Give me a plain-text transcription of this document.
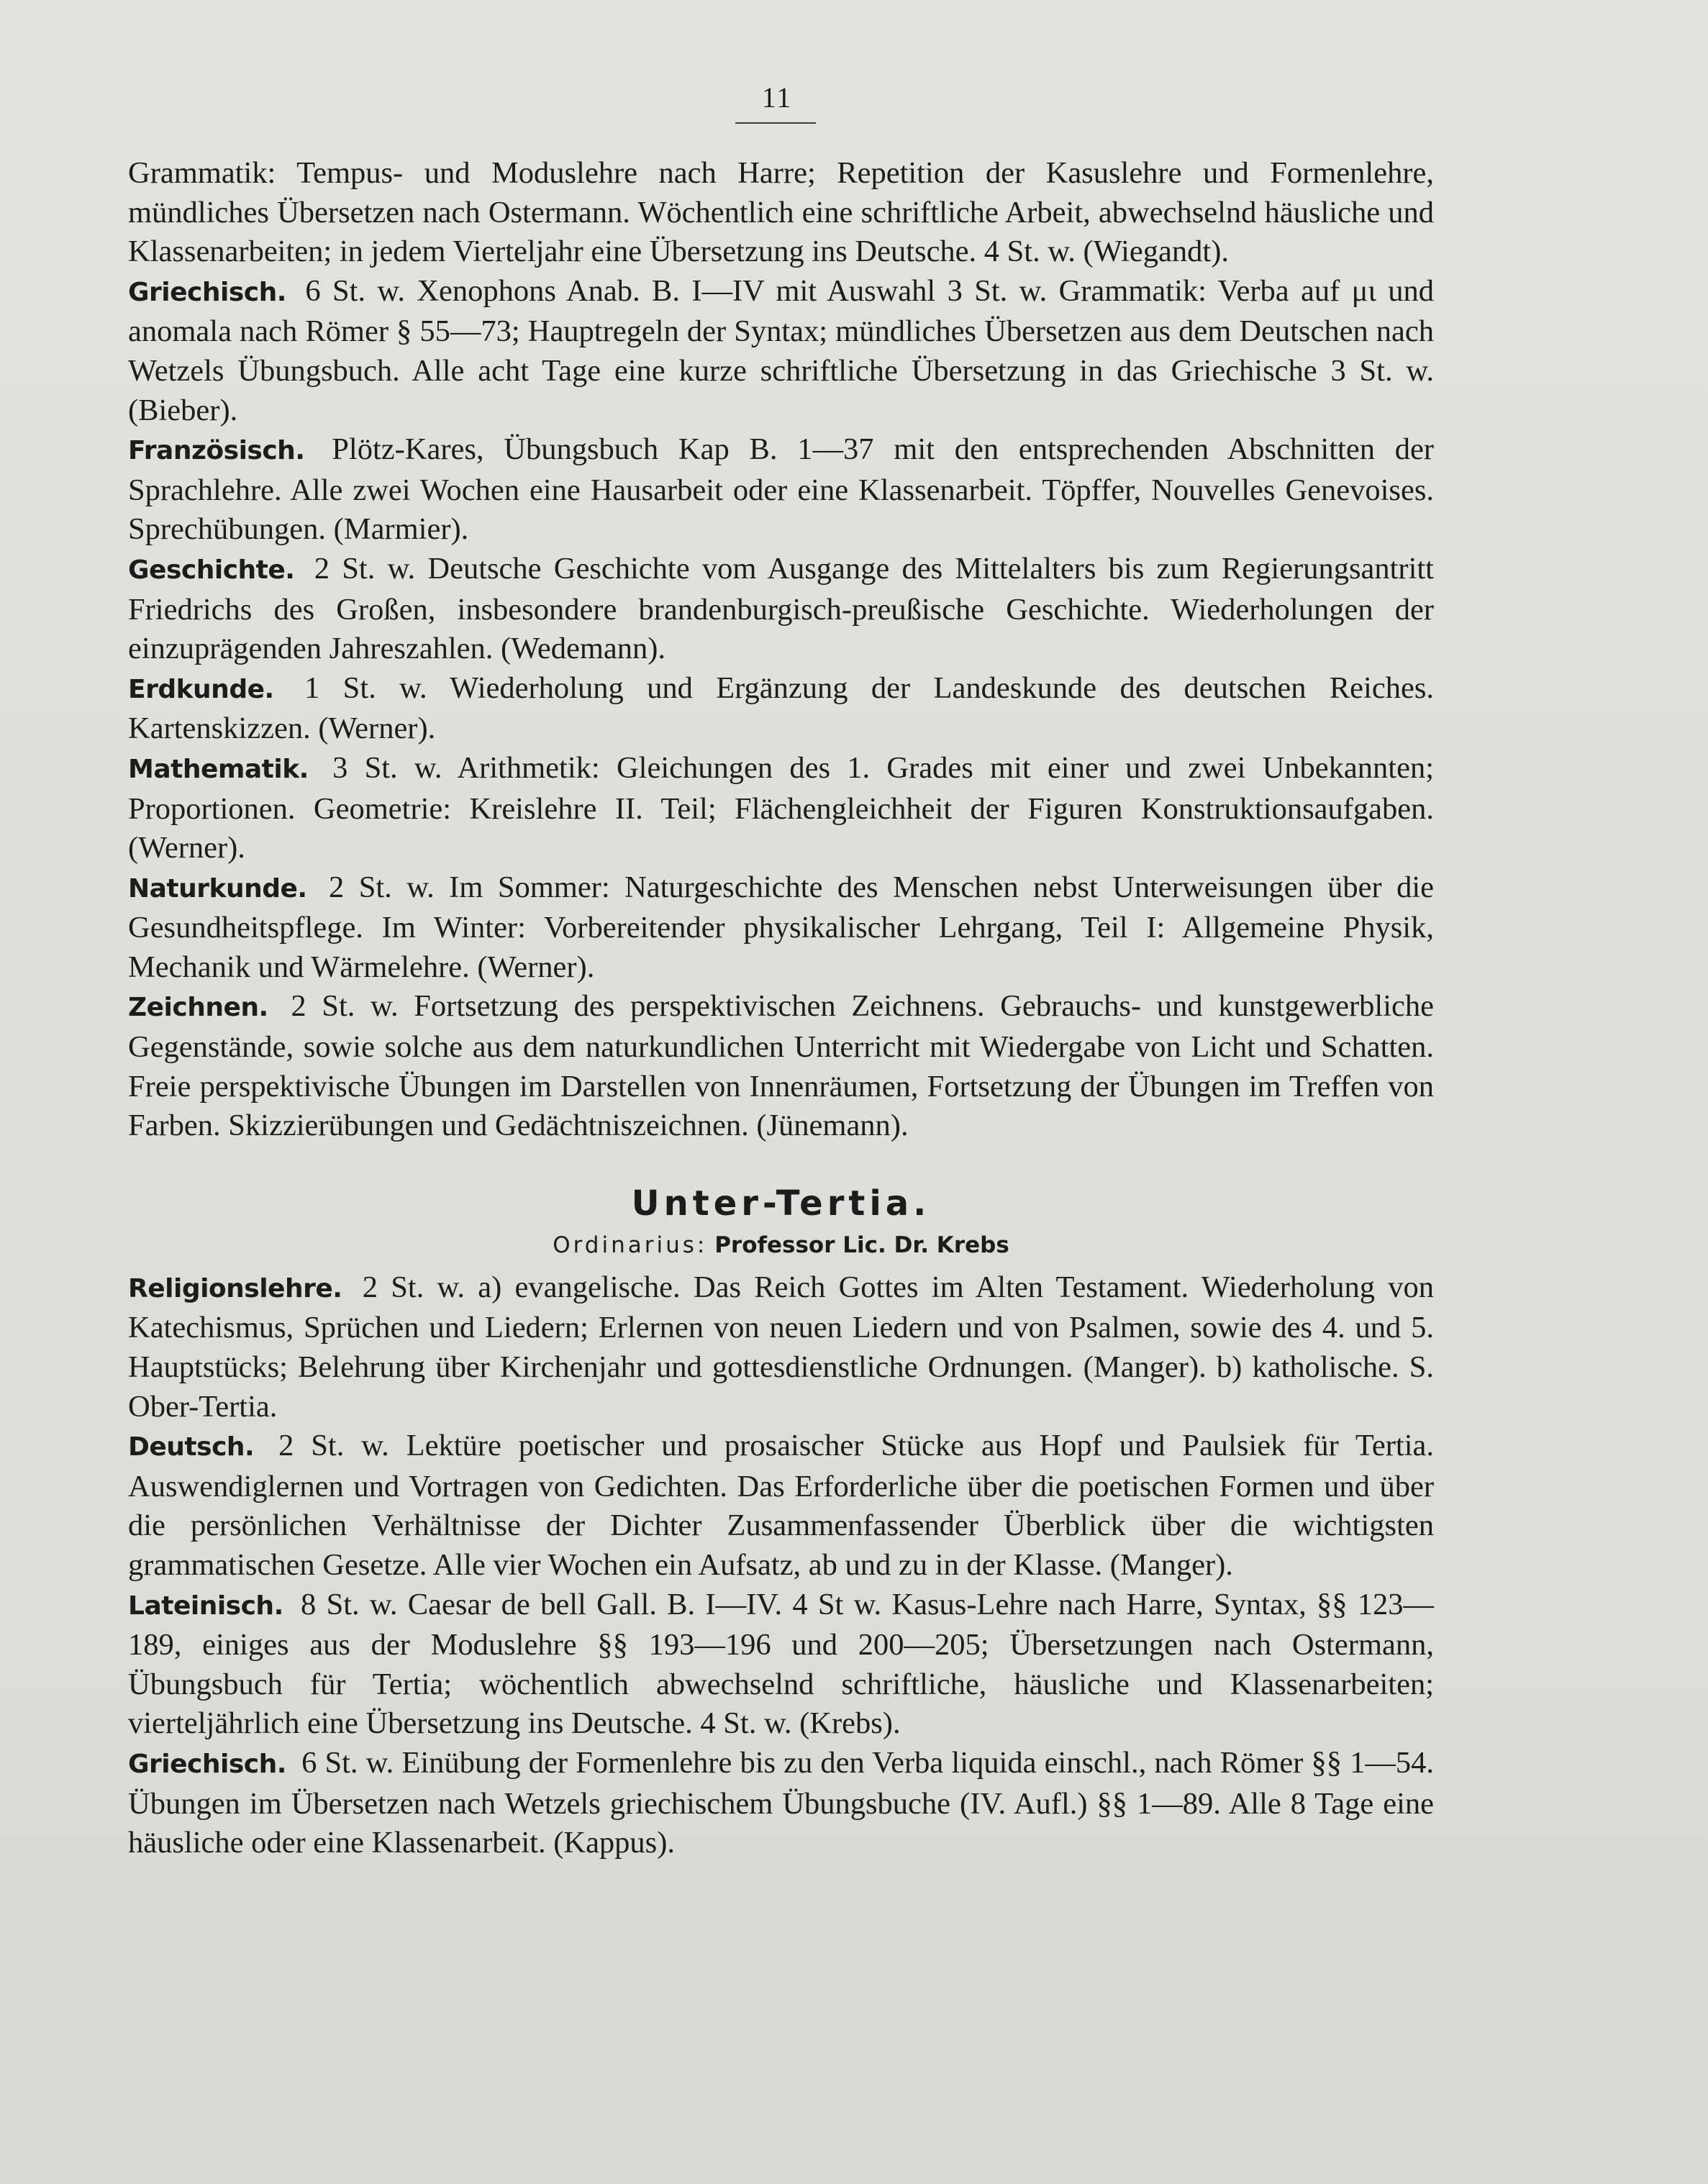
11

Grammatik: Tempus- und Moduslehre nach Harre; Repetition der Kasuslehre und Formenlehre, mündliches Übersetzen nach Ostermann. Wöchentlich eine schriftliche Arbeit, abwechselnd häusliche und Klassenarbeiten; in jedem Vierteljahr eine Übersetzung ins Deutsche. 4 St. w. (Wiegandt).

Griechisch. 6 St. w. Xenophons Anab. B. I—IV mit Auswahl 3 St. w. Grammatik: Verba auf μι und anomala nach Römer § 55—73; Hauptregeln der Syntax; mündliches Übersetzen aus dem Deutschen nach Wetzels Übungsbuch. Alle acht Tage eine kurze schriftliche Übersetzung in das Griechische 3 St. w. (Bieber).

Französisch. Plötz-Kares, Übungsbuch Kap B. 1—37 mit den entsprechenden Abschnitten der Sprachlehre. Alle zwei Wochen eine Hausarbeit oder eine Klassenarbeit. Töpffer, Nouvelles Genevoises. Sprechübungen. (Marmier).

Geschichte. 2 St. w. Deutsche Geschichte vom Ausgange des Mittelalters bis zum Regierungsantritt Friedrichs des Großen, insbesondere brandenburgisch-preußische Geschichte. Wiederholungen der einzuprägenden Jahreszahlen. (Wedemann).

Erdkunde. 1 St. w. Wiederholung und Ergänzung der Landeskunde des deutschen Reiches. Kartenskizzen. (Werner).

Mathematik. 3 St. w. Arithmetik: Gleichungen des 1. Grades mit einer und zwei Unbekannten; Proportionen. Geometrie: Kreislehre II. Teil; Flächengleichheit der Figuren Konstruktionsaufgaben. (Werner).

Naturkunde. 2 St. w. Im Sommer: Naturgeschichte des Menschen nebst Unterweisungen über die Gesundheitspflege. Im Winter: Vorbereitender physikalischer Lehrgang, Teil I: Allgemeine Physik, Mechanik und Wärmelehre. (Werner).

Zeichnen. 2 St. w. Fortsetzung des perspektivischen Zeichnens. Gebrauchs- und kunstgewerbliche Gegenstände, sowie solche aus dem naturkundlichen Unterricht mit Wiedergabe von Licht und Schatten. Freie perspektivische Übungen im Darstellen von Innenräumen, Fortsetzung der Übungen im Treffen von Farben. Skizzierübungen und Gedächtniszeichnen. (Jünemann).

Unter-Tertia.
Ordinarius: Professor Lic. Dr. Krebs

Religionslehre. 2 St. w. a) evangelische. Das Reich Gottes im Alten Testament. Wiederholung von Katechismus, Sprüchen und Liedern; Erlernen von neuen Liedern und von Psalmen, sowie des 4. und 5. Hauptstücks; Belehrung über Kirchenjahr und gottesdienstliche Ordnungen. (Manger). b) katholische. S. Ober-Tertia.

Deutsch. 2 St. w. Lektüre poetischer und prosaischer Stücke aus Hopf und Paulsiek für Tertia. Auswendiglernen und Vortragen von Gedichten. Das Erforderliche über die poetischen Formen und über die persönlichen Verhältnisse der Dichter Zusammenfassender Überblick über die wichtigsten grammatischen Gesetze. Alle vier Wochen ein Aufsatz, ab und zu in der Klasse. (Manger).

Lateinisch. 8 St. w. Caesar de bell Gall. B. I—IV. 4 St w. Kasus-Lehre nach Harre, Syntax, §§ 123—189, einiges aus der Moduslehre §§ 193—196 und 200—205; Übersetzungen nach Ostermann, Übungsbuch für Tertia; wöchentlich abwechselnd schriftliche, häusliche und Klassenarbeiten; vierteljährlich eine Übersetzung ins Deutsche. 4 St. w. (Krebs).

Griechisch. 6 St. w. Einübung der Formenlehre bis zu den Verba liquida einschl., nach Römer §§ 1—54. Übungen im Übersetzen nach Wetzels griechischem Übungsbuche (IV. Aufl.) §§ 1—89. Alle 8 Tage eine häusliche oder eine Klassenarbeit. (Kappus).
